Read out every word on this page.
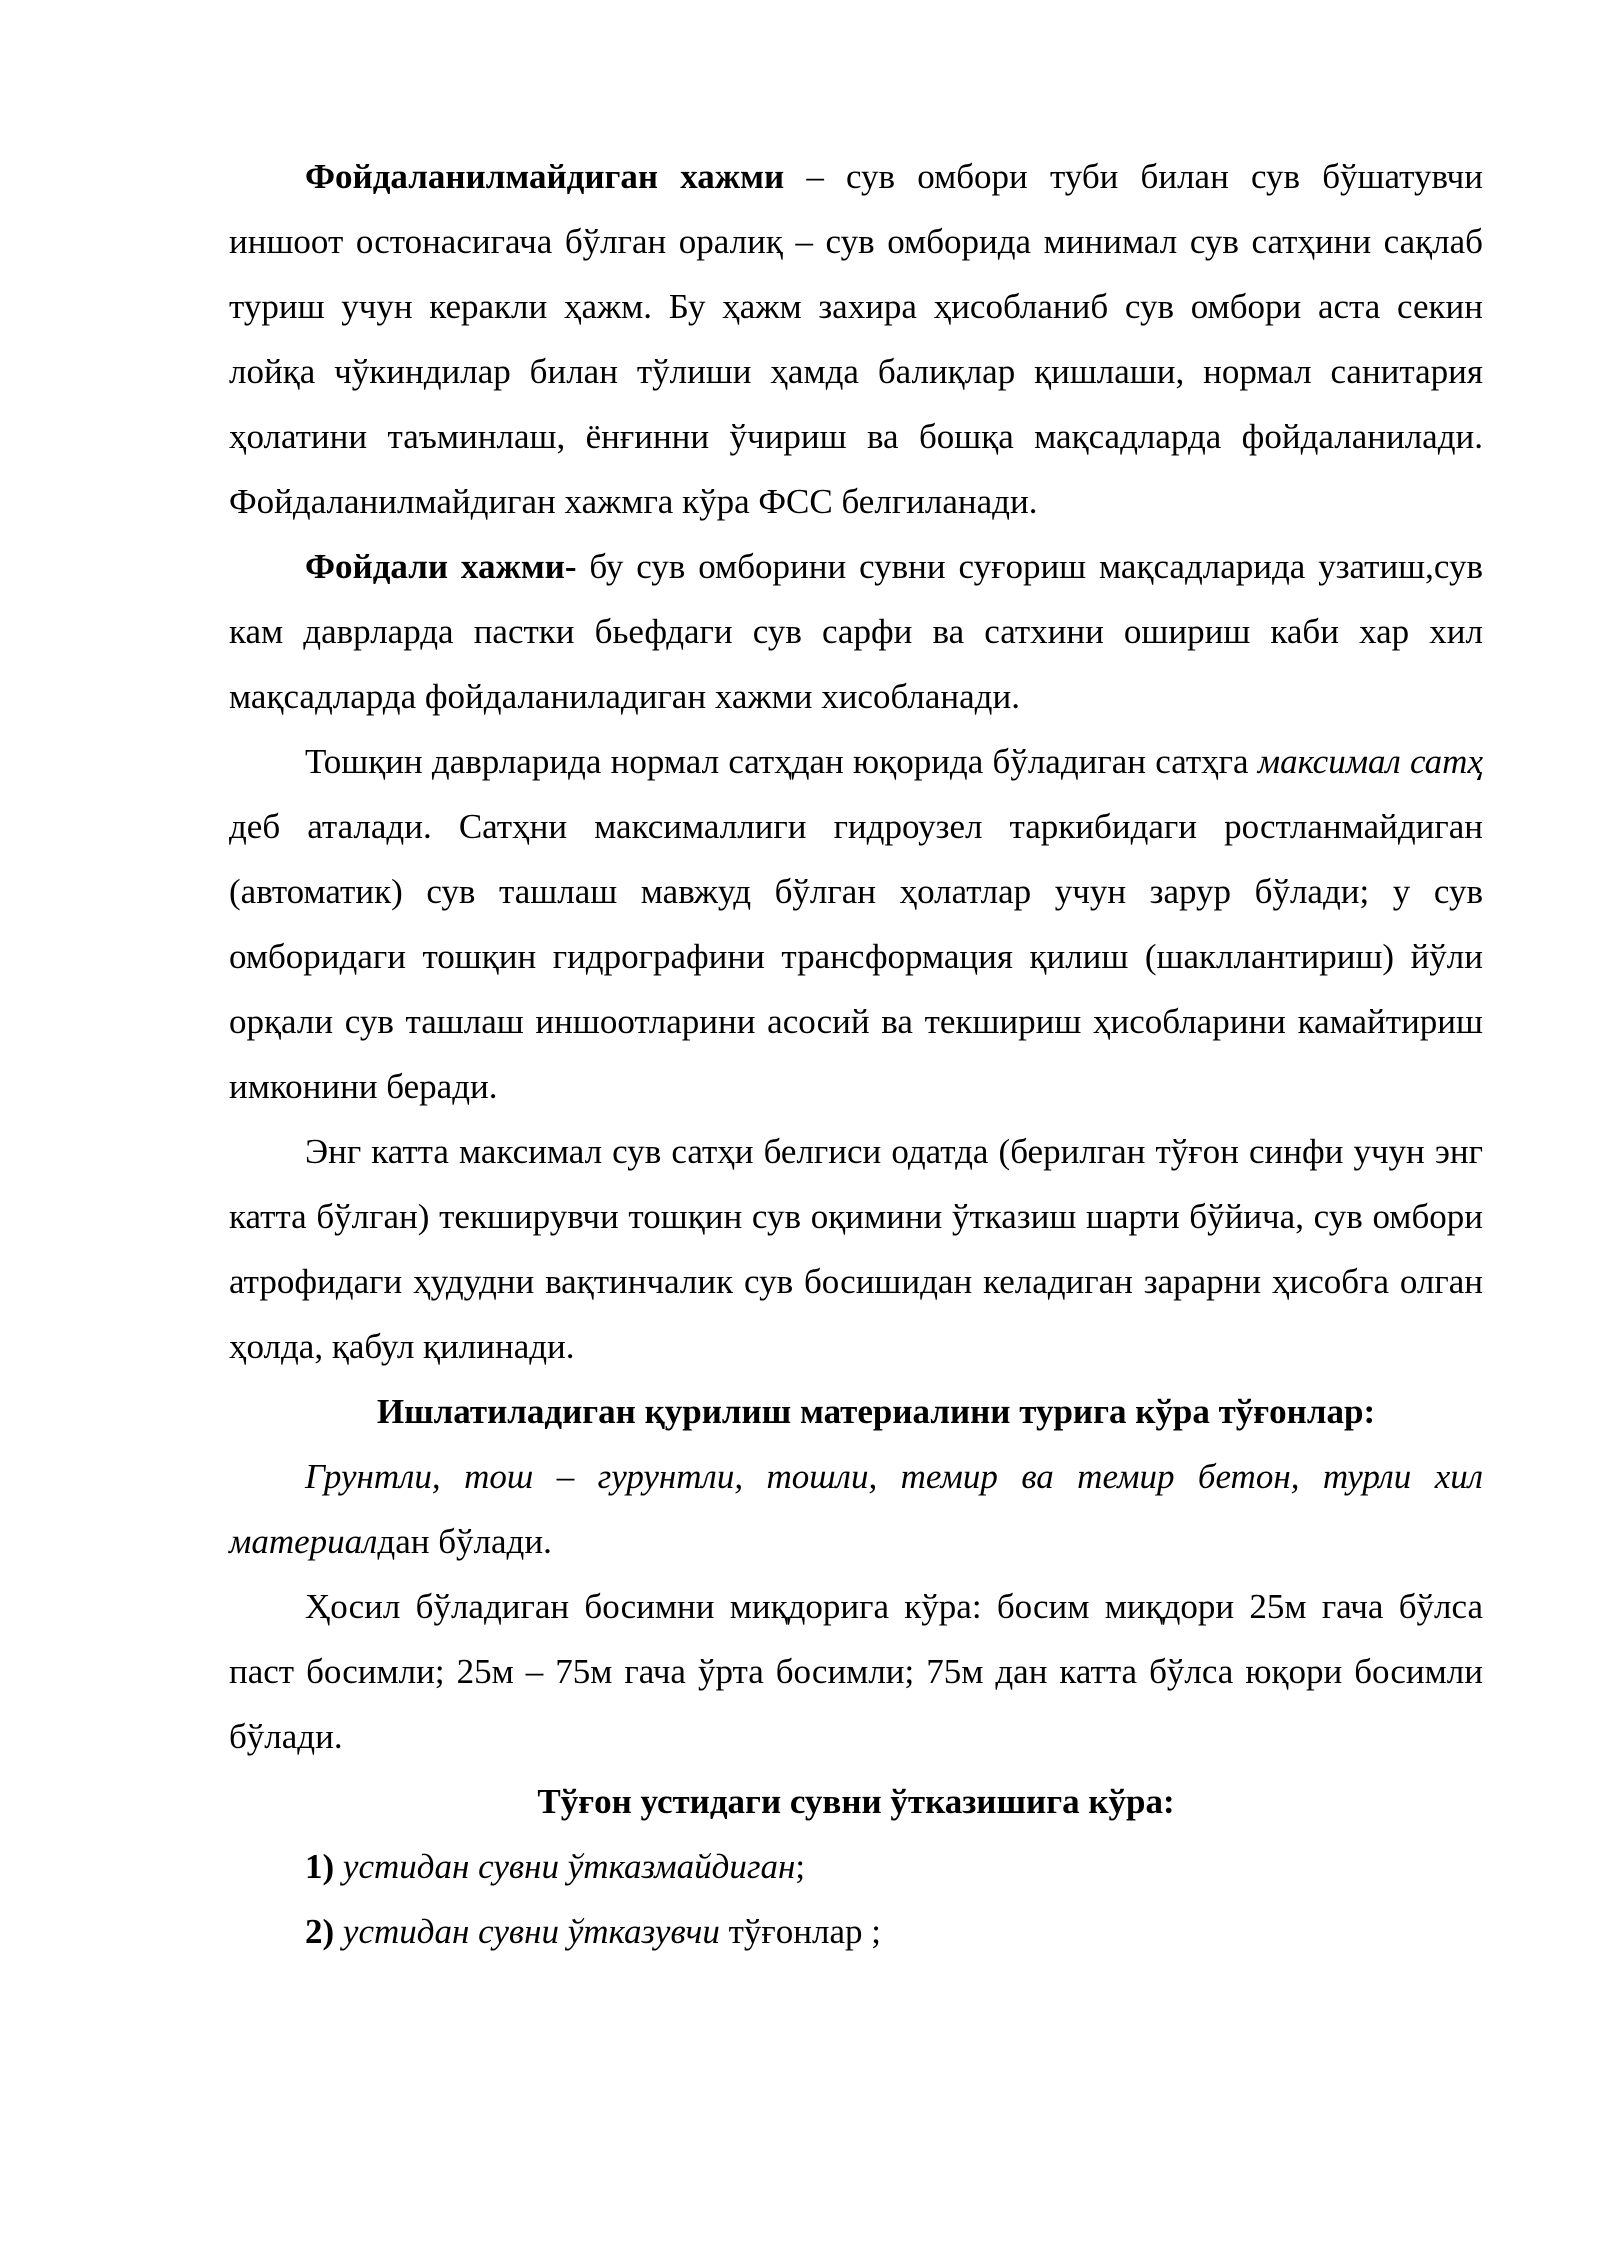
Фойдаланилмайдиган хажми – сув омбори туби билан сув бўшатувчи иншоот остонасигача бўлган оралиқ – сув омборида минимал сув сатҳини сақлаб туриш учун керакли ҳажм. Бу ҳажм захира ҳисобланиб сув омбори аста секин лойқа чўкиндилар билан тўлиши ҳамда балиқлар қишлаши, нормал санитария ҳолатини таъминлаш, ёнғинни ўчириш ва бошқа мақсадларда фойдаланилади. Фойдаланилмайдиган хажмга кўра ФСС белгиланади.

Фойдали хажми- бу сув омборини сувни суғориш мақсадларида узатиш,сув кам даврларда пастки бьефдаги сув сарфи ва сатхини ошириш каби хар хил мақсадларда фойдаланиладиган хажми хисобланади.

Тошқин даврларида нормал сатҳдан юқорида бўладиган сатҳга максимал сатҳ деб аталади. Сатҳни максималлиги гидроузел таркибидаги ростланмайдиган (автоматик) сув ташлаш мавжуд бўлган ҳолатлар учун зарур бўлади; у сув омборидаги тошқин гидрографини трансформация қилиш (шакллантириш) йўли орқали сув ташлаш иншоотларини асосий ва текшириш ҳисобларини камайтириш имконини беради.

Энг катта максимал сув сатҳи белгиси одатда (берилган тўғон синфи учун энг катта бўлган) текширувчи тошқин сув оқимини ўтказиш шарти бўйича, сув омбори атрофидаги ҳудудни вақтинчалик сув босишидан келадиган зарарни ҳисобга олган ҳолда, қабул қилинади.

Ишлатиладиган қурилиш материалини турига кўра тўғонлар:

Грунтли, тош – гурунтли, тошли, темир ва темир бетон, турли хил материалдан бўлади.

Ҳосил бўладиган босимни миқдорига кўра: босим миқдори 25м гача бўлса паст босимли; 25м – 75м гача ўрта босимли; 75м дан катта бўлса юқори босимли бўлади.

Тўғон устидаги сувни ўтказишига кўра:

1) устидан сувни ўтказмайдиган;

2) устидан сувни ўтказувчи тўғонлар ;
